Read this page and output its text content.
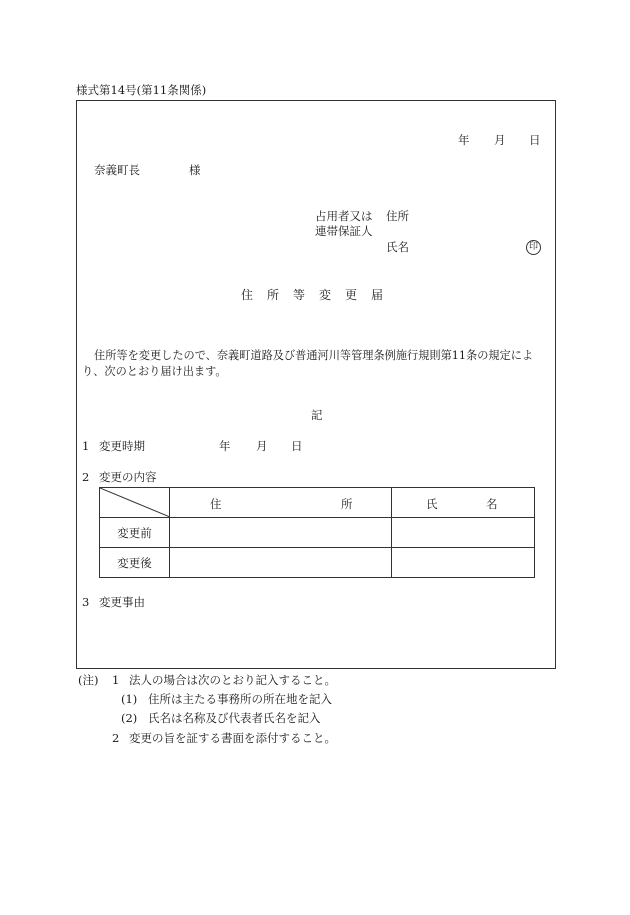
様式第14号(第11条関係)
年 月 日
奈義町長	様
占用者又は 住所
連帯保証人
氏名	印
住　所　等　変　更　届
住所等を変更したので、奈義町道路及び普通河川等管理条例施行規則第11条の規定によ
り、次のとおり届け出ます。
記
1 変更時期	年 月 日
2 変更の内容

住 所	氏 名

変更前		
変更後		
3 変更事由
(注) 1 法人の場合は次のとおり記入すること。
(1) 住所は主たる事務所の所在地を記入
(2) 氏名は名称及び代表者氏名を記入
2 変更の旨を証する書面を添付すること。
